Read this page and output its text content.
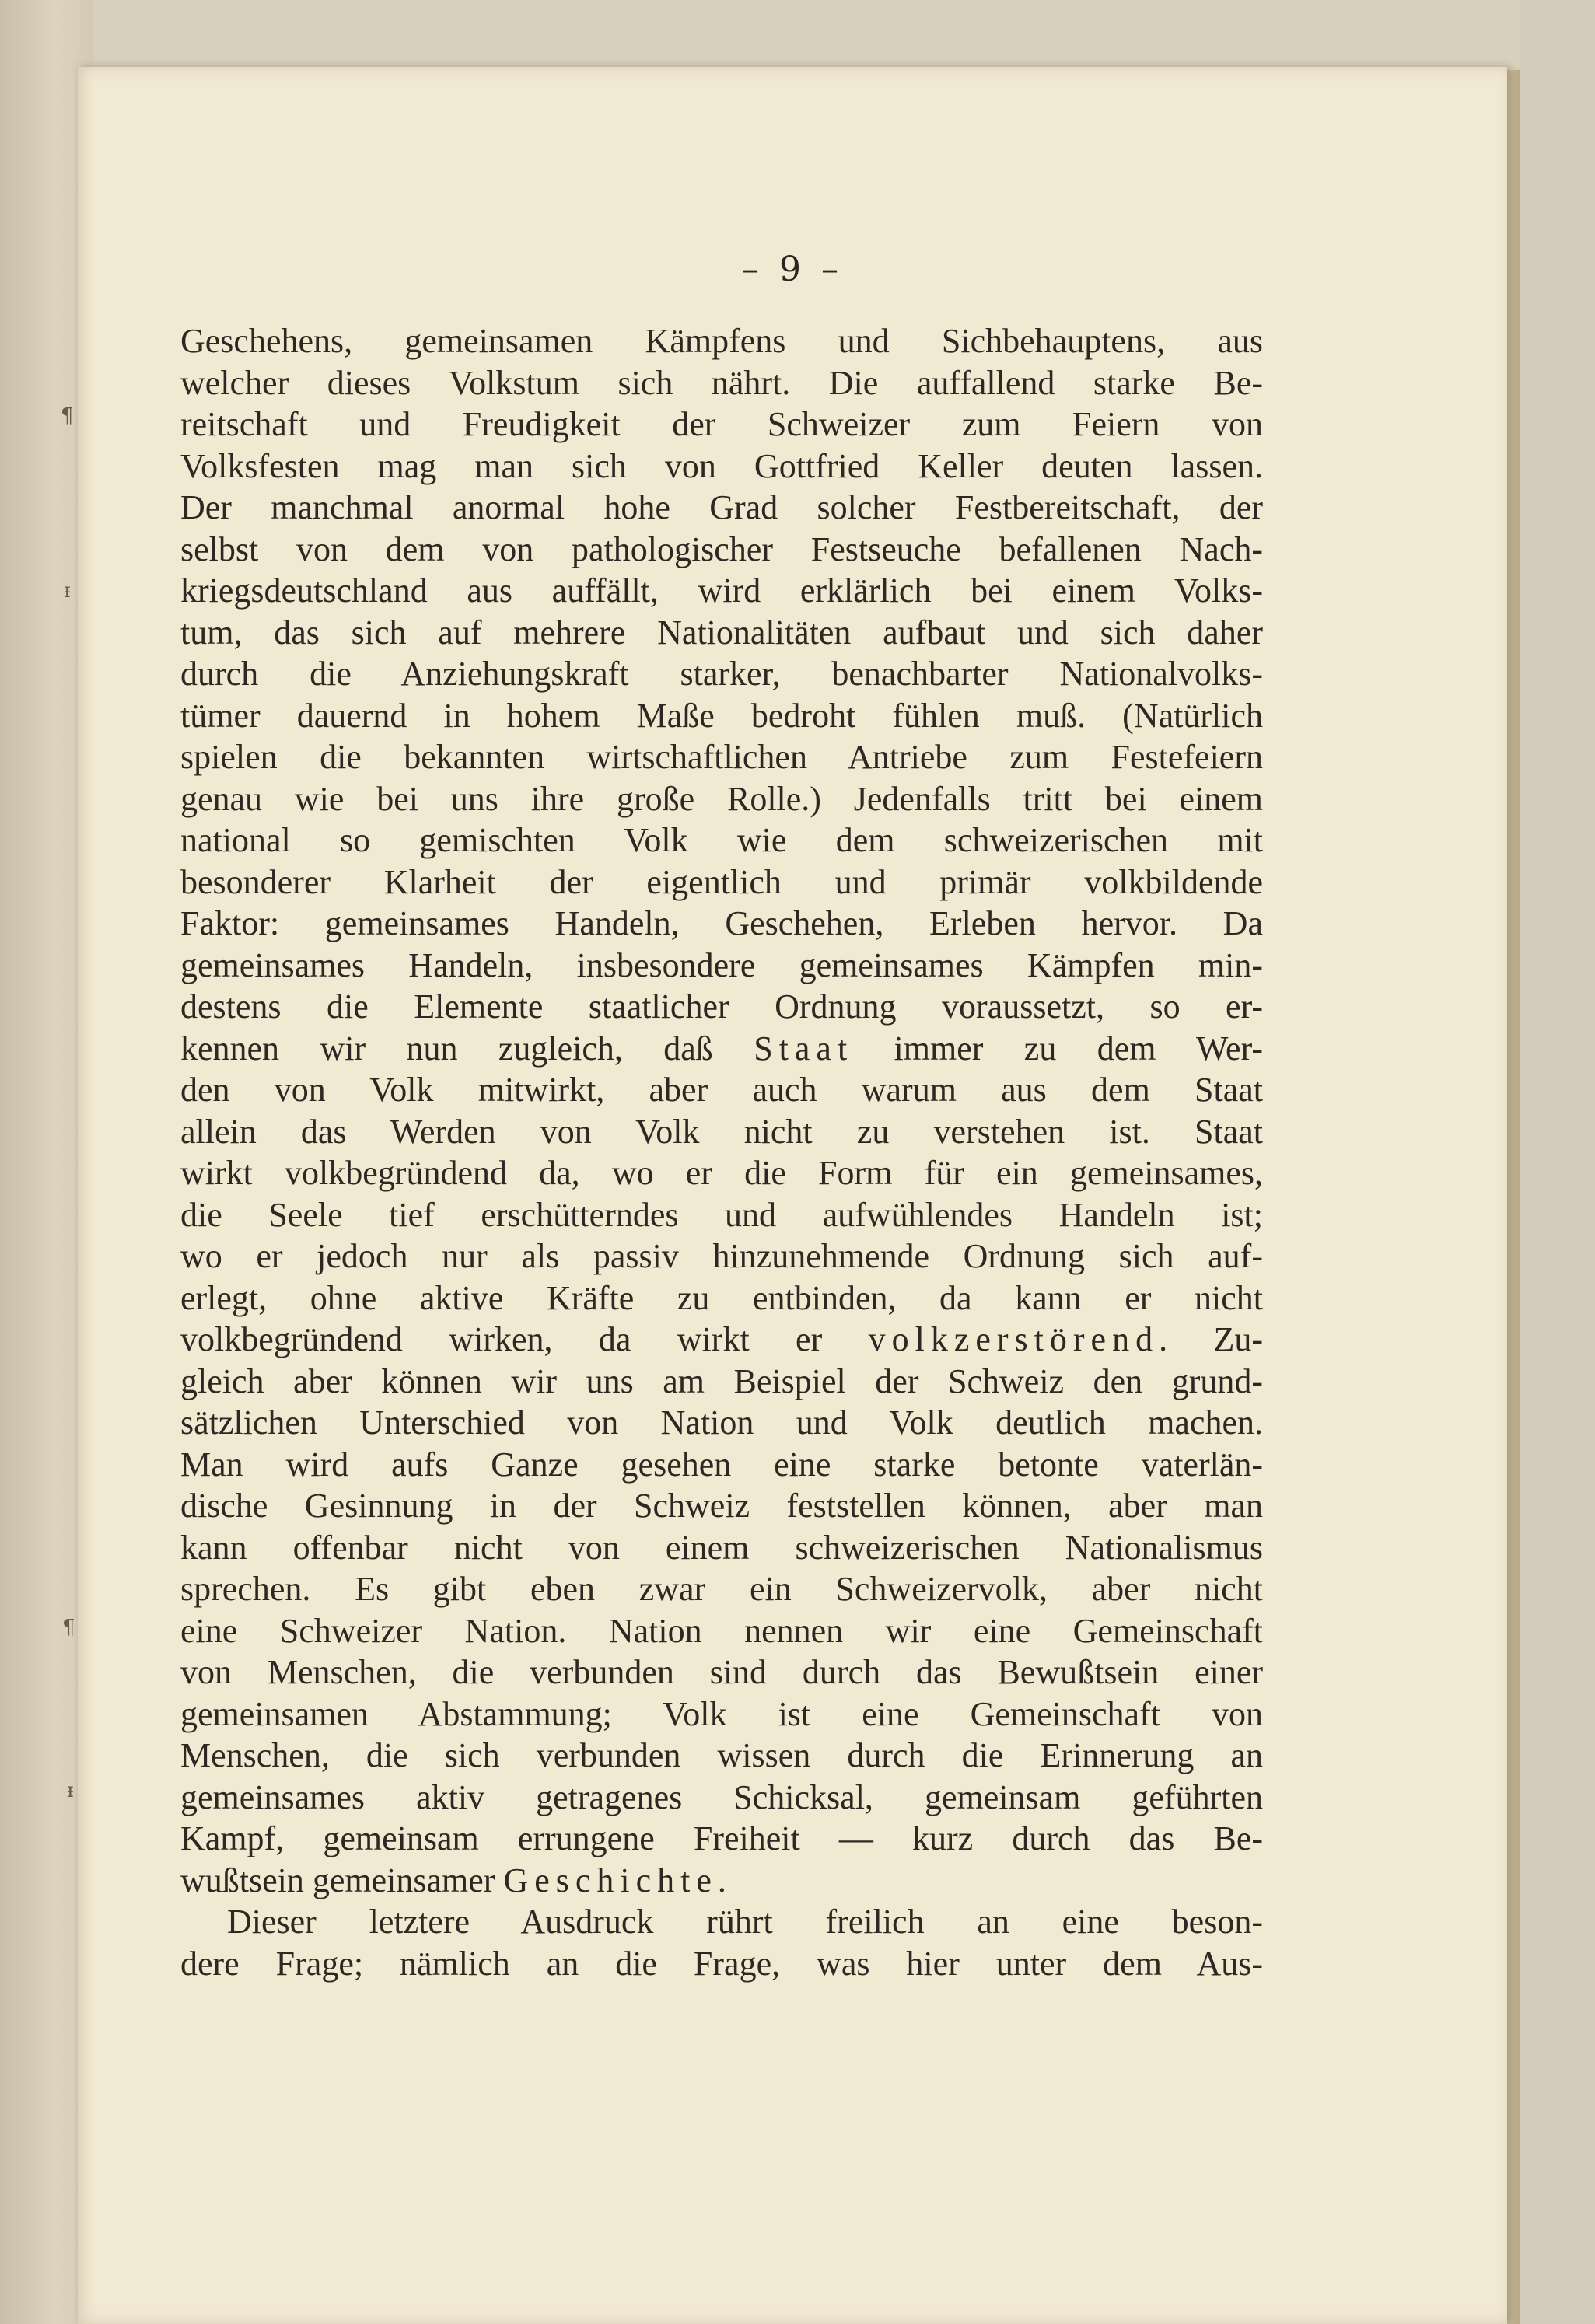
¶
ᵻ
¶
ᵻ
– 9 –
Geschehens, gemeinsamen Kämpfens und Sichbehauptens, aus
welcher dieses Volkstum sich nährt. Die auffallend starke Be-
reitschaft und Freudigkeit der Schweizer zum Feiern von
Volksfesten mag man sich von Gottfried Keller deuten lassen.
Der manchmal anormal hohe Grad solcher Festbereitschaft, der
selbst von dem von pathologischer Festseuche befallenen Nach-
kriegsdeutschland aus auffällt, wird erklärlich bei einem Volks-
tum, das sich auf mehrere Nationalitäten aufbaut und sich daher
durch die Anziehungskraft starker, benachbarter Nationalvolks-
tümer dauernd in hohem Maße bedroht fühlen muß. (Natürlich
spielen die bekannten wirtschaftlichen Antriebe zum Festefeiern
genau wie bei uns ihre große Rolle.) Jedenfalls tritt bei einem
national so gemischten Volk wie dem schweizerischen mit
besonderer Klarheit der eigentlich und primär volkbildende
Faktor: gemeinsames Handeln, Geschehen, Erleben hervor. Da
gemeinsames Handeln, insbesondere gemeinsames Kämpfen min-
destens die Elemente staatlicher Ordnung voraussetzt, so er-
kennen wir nun zugleich, daß Staat immer zu dem Wer-
den von Volk mitwirkt, aber auch warum aus dem Staat
allein das Werden von Volk nicht zu verstehen ist. Staat
wirkt volkbegründend da, wo er die Form für ein gemeinsames,
die Seele tief erschütterndes und aufwühlendes Handeln ist;
wo er jedoch nur als passiv hinzunehmende Ordnung sich auf-
erlegt, ohne aktive Kräfte zu entbinden, da kann er nicht
volkbegründend wirken, da wirkt er volkzerstörend. Zu-
gleich aber können wir uns am Beispiel der Schweiz den grund-
sätzlichen Unterschied von Nation und Volk deutlich machen.
Man wird aufs Ganze gesehen eine starke betonte vaterlän-
dische Gesinnung in der Schweiz feststellen können, aber man
kann offenbar nicht von einem schweizerischen Nationalismus
sprechen. Es gibt eben zwar ein Schweizervolk, aber nicht
eine Schweizer Nation. Nation nennen wir eine Gemeinschaft
von Menschen, die verbunden sind durch das Bewußtsein einer
gemeinsamen Abstammung; Volk ist eine Gemeinschaft von
Menschen, die sich verbunden wissen durch die Erinnerung an
gemeinsames aktiv getragenes Schicksal, gemeinsam geführten
Kampf, gemeinsam errungene Freiheit — kurz durch das Be-
wußtsein gemeinsamer Geschichte.
Dieser letztere Ausdruck rührt freilich an eine beson-
dere Frage; nämlich an die Frage, was hier unter dem Aus-
